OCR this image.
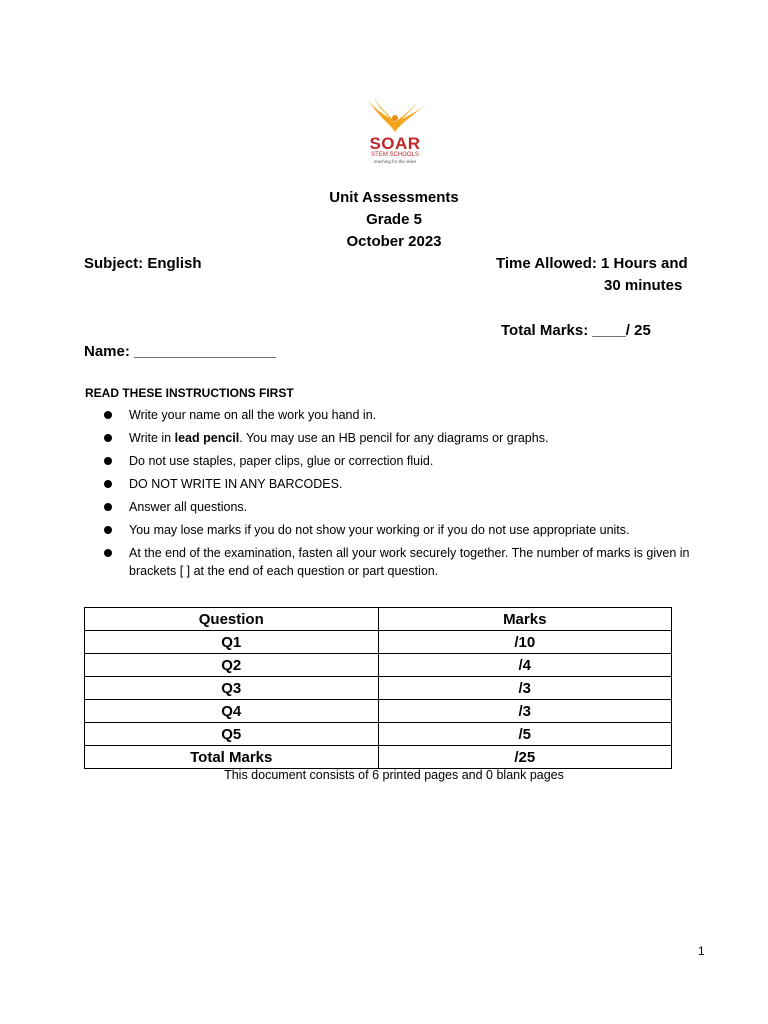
SOAR
STEM SCHOOLS
reaching for the skies
Unit Assessments
Grade 5
October 2023
Subject: English	Time Allowed: 1 Hours and
30 minutes
Total Marks: ____/ 25
Name: _________________
READ THESE INSTRUCTIONS FIRST
Write your name on all the work you hand in.
Write in lead pencil. You may use an HB pencil for any diagrams or graphs.
Do not use staples, paper clips, glue or correction fluid.
DO NOT WRITE IN ANY BARCODES.
Answer all questions.
You may lose marks if you do not show your working or if you do not use appropriate units.
At the end of the examination, fasten all your work securely together. The number of marks is given in brackets [ ] at the end of each question or part question.
Question	Marks
Q1	/10
Q2	/4
Q3	/3
Q4	/3
Q5	/5
Total Marks	/25
This document consists of 6 printed pages and 0 blank pages
1
